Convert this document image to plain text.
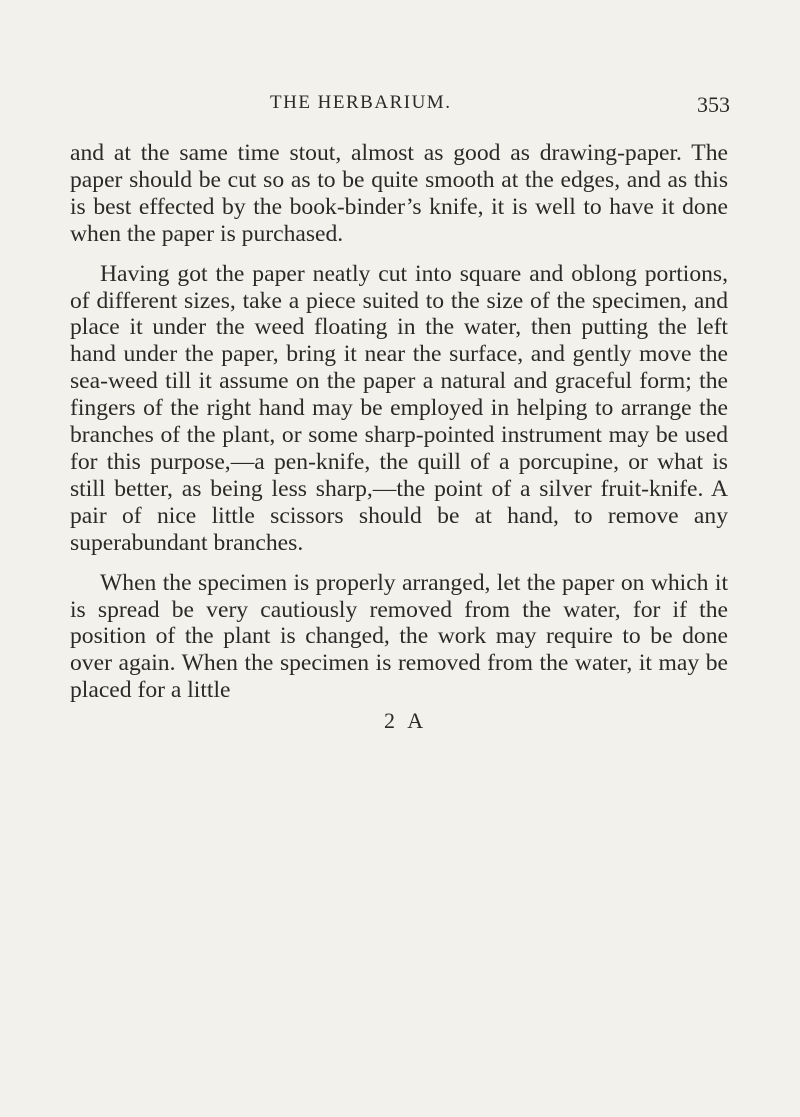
THE HERBARIUM.	353

and at the same time stout, almost as good as drawing-paper. The paper should be cut so as to be quite smooth at the edges, and as this is best effected by the book-binder’s knife, it is well to have it done when the paper is purchased.

Having got the paper neatly cut into square and oblong portions, of different sizes, take a piece suited to the size of the specimen, and place it under the weed floating in the water, then putting the left hand under the paper, bring it near the surface, and gently move the sea-weed till it assume on the paper a natural and graceful form; the fingers of the right hand may be employed in helping to arrange the branches of the plant, or some sharp-pointed instrument may be used for this purpose,—a pen-knife, the quill of a porcupine, or what is still better, as being less sharp,—the point of a silver fruit-knife. A pair of nice little scissors should be at hand, to remove any superabundant branches.

When the specimen is properly arranged, let the paper on which it is spread be very cautiously removed from the water, for if the position of the plant is changed, the work may require to be done over again. When the specimen is removed from the water, it may be placed for a little

2 A
